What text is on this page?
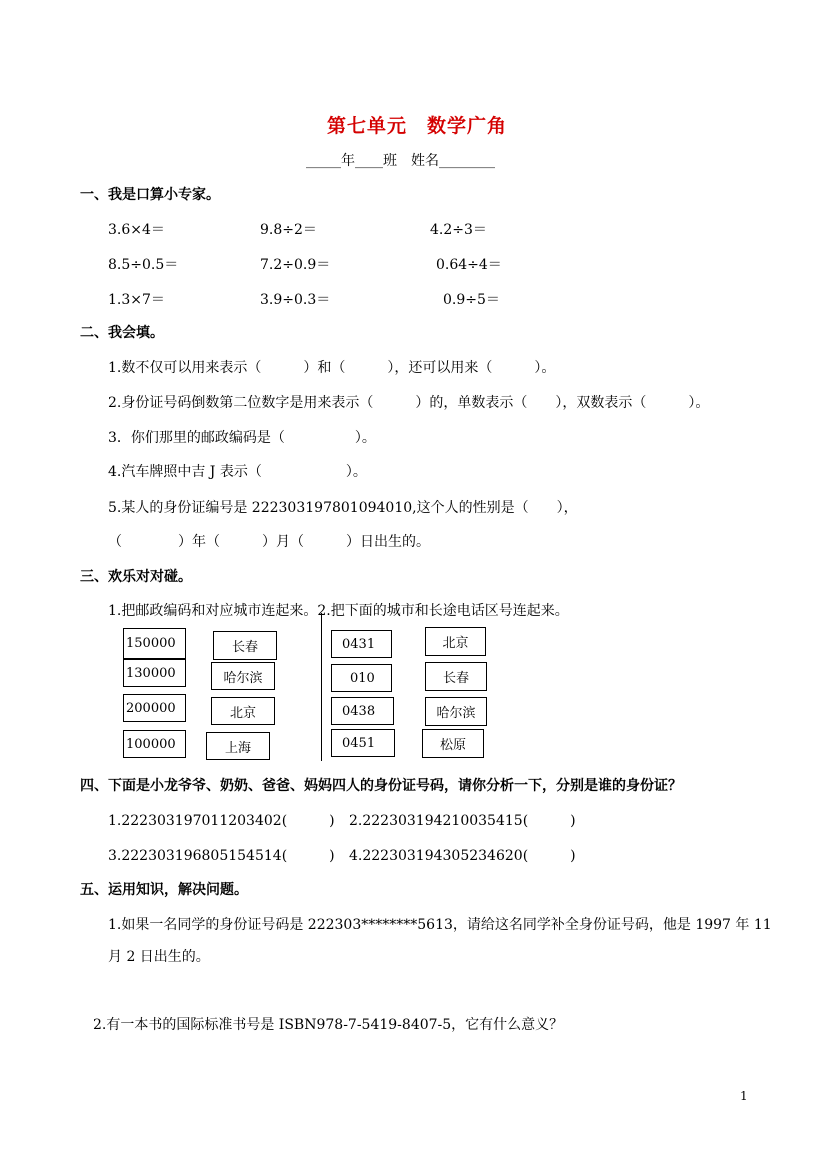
第七单元　数学广角
_____年____班　姓名________
一、我是口算小专家。
3.6×4＝	9.8÷2＝	4.2÷3＝
8.5÷0.5＝	7.2÷0.9＝	0.64÷4＝
1.3×7＝	3.9÷0.3＝	0.9÷5＝
二、我会填。
1.数不仅可以用来表示（　　　）和（　　　），还可以用来（　　　）。
2.身份证号码倒数第二位数字是用来表示（　　　）的，单数表示（　　），双数表示（　　　）。
3．你们那里的邮政编码是（　　　　　）。
4.汽车牌照中吉 J 表示（　　　　　　）。
5.某人的身份证编号是 222303197801094010,这个人的性别是（　　），
（　　　　）年（　　　）月（　　　）日出生的。
三、欢乐对对碰。
1.把邮政编码和对应城市连起来。2.把下面的城市和长途电话区号连起来。
150000
130000
200000
100000
长春
哈尔滨
北京
上海
0431
010
0438
0451
北京
长春
哈尔滨
松原
四、下面是小龙爷爷、奶奶、爸爸、妈妈四人的身份证号码，请你分析一下，分别是谁的身份证？
1.222303197011203402(　　　) 2.222303194210035415(　　　)
3.222303196805154514(　　　) 4.222303194305234620(　　　)
五、运用知识，解决问题。
1.如果一名同学的身份证号码是 222303********5613，请给这名同学补全身份证号码，他是 1997 年 11
月 2 日出生的。
2.有一本书的国际标准书号是 ISBN978-7-5419-8407-5，它有什么意义？
1
